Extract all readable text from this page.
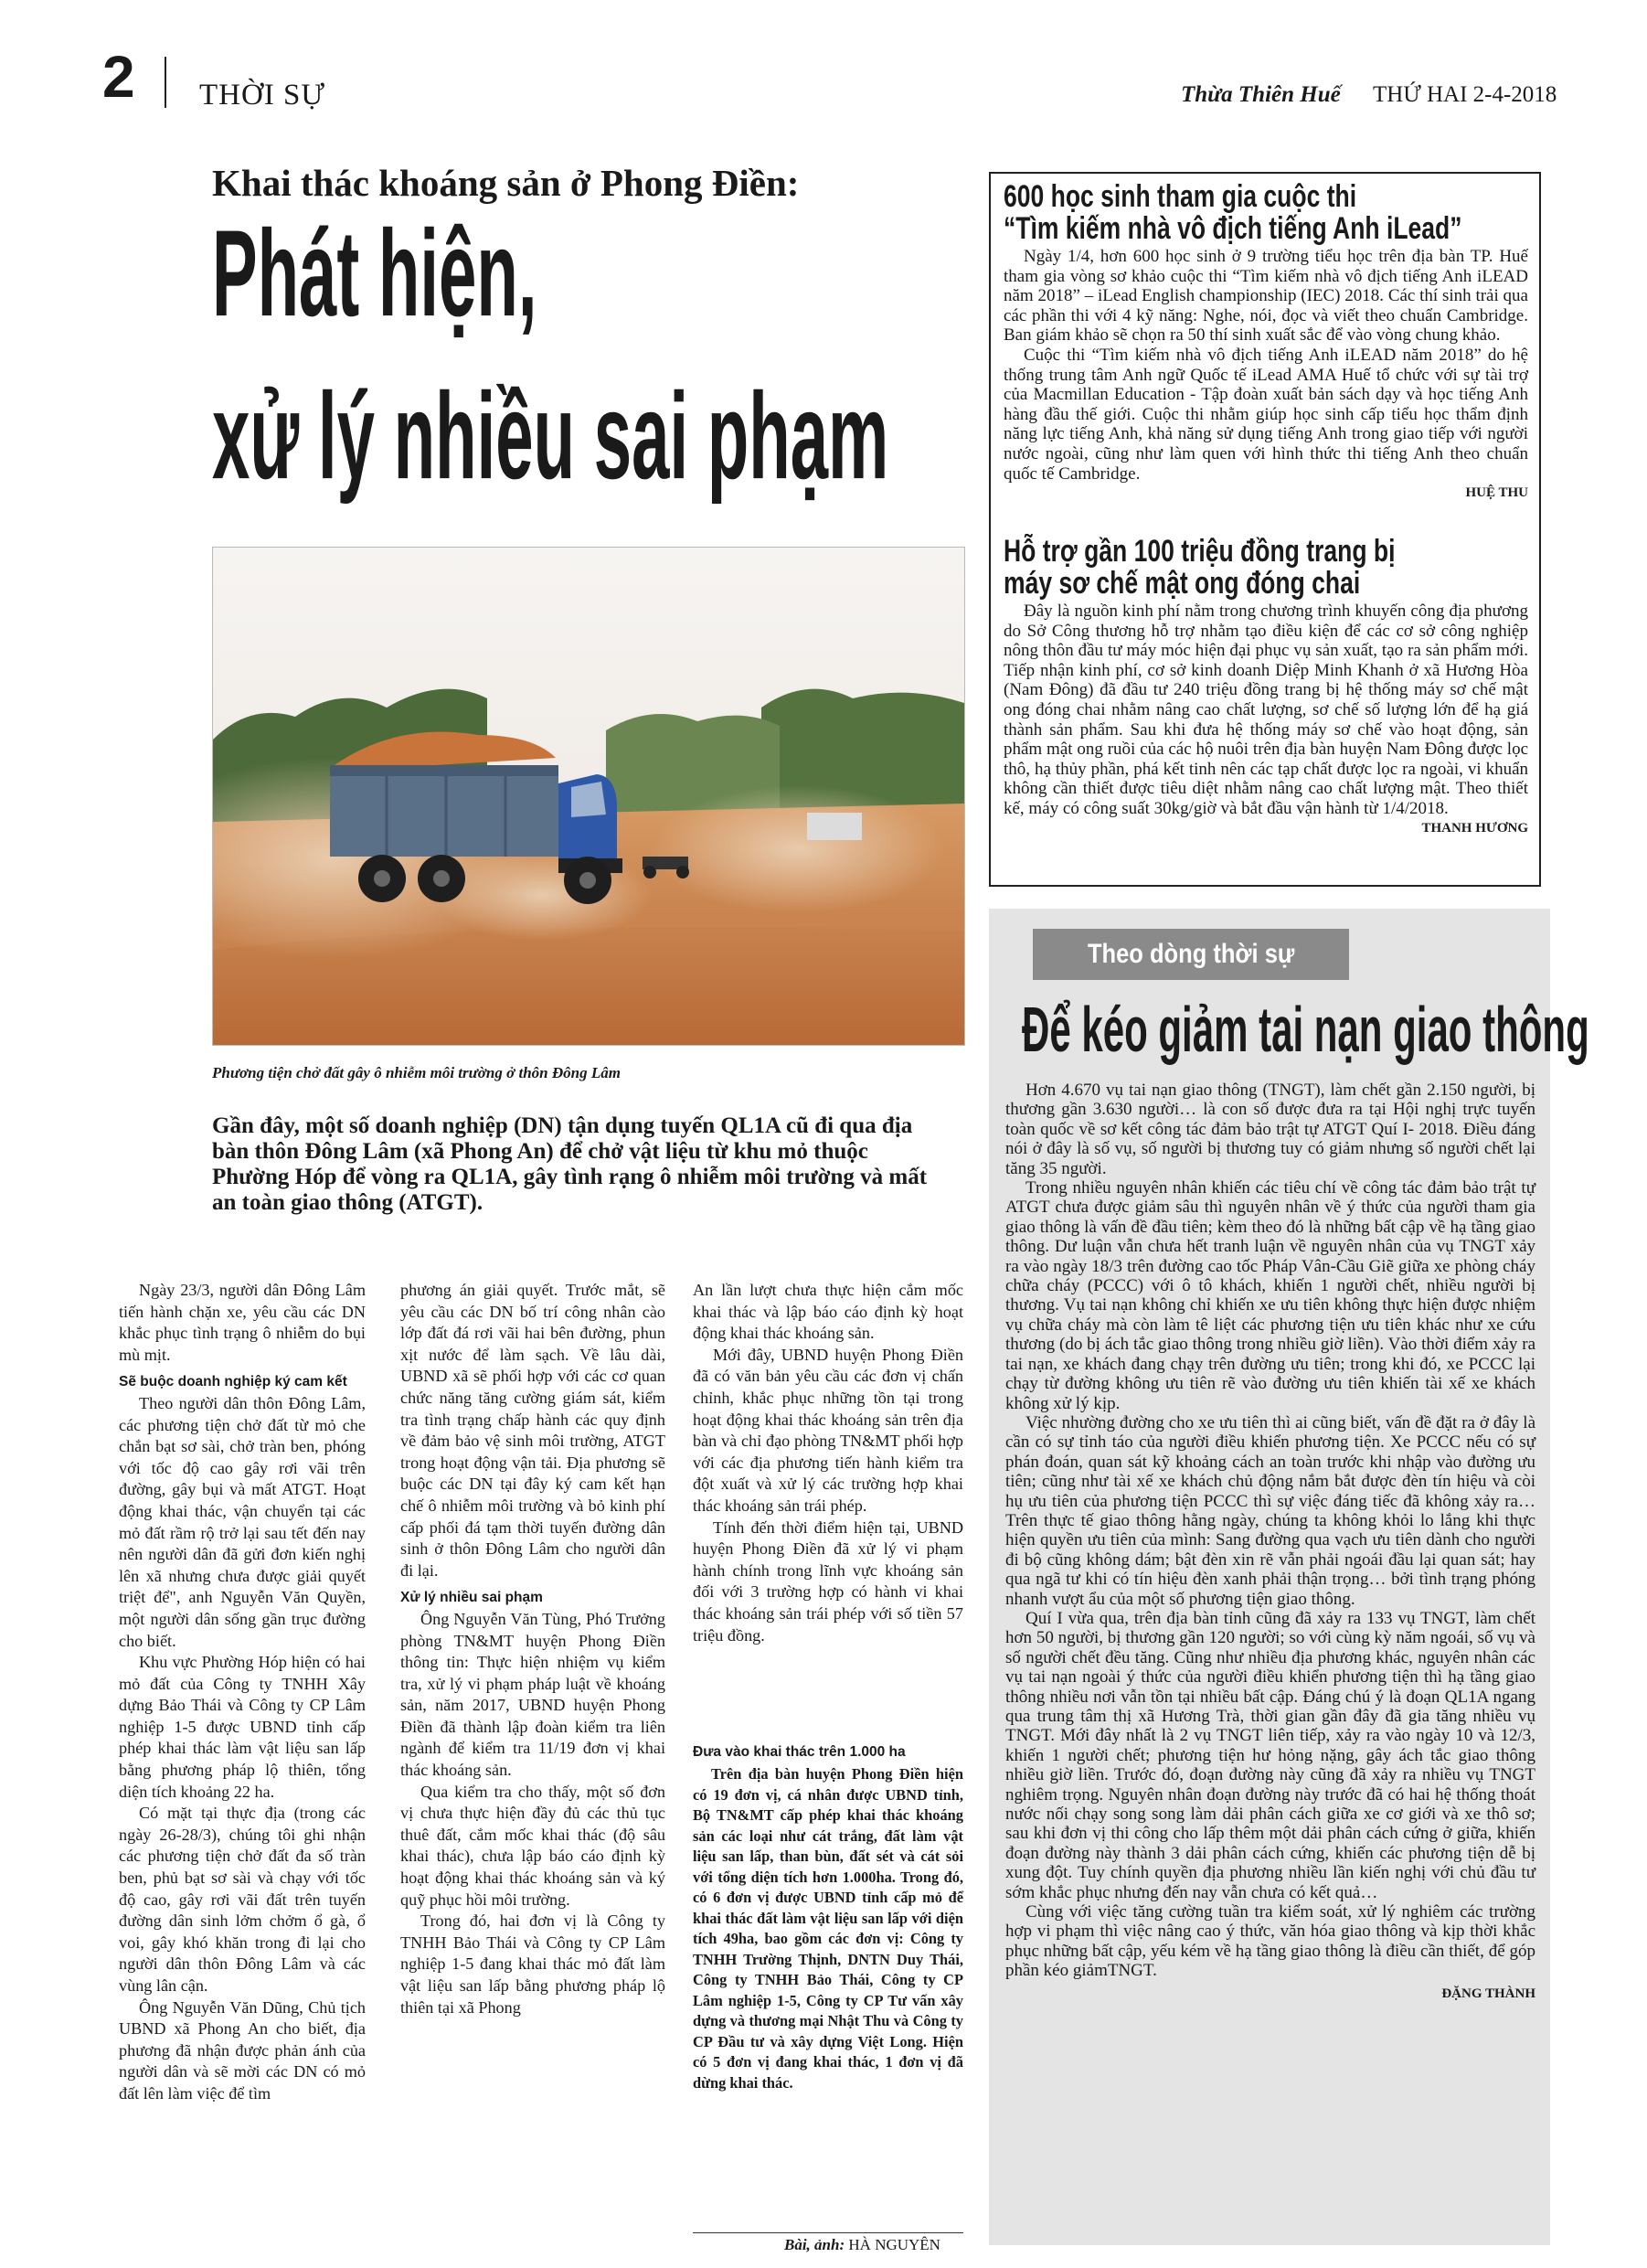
2 THỜI SỰ	Thừa Thiên Huế THỨ HAI 2-4-2018
Khai thác khoáng sản ở Phong Điền:
Phát hiện,
xử lý nhiều sai phạm
Phương tiện chở đất gây ô nhiễm môi trường ở thôn Đông Lâm
Gần đây, một số doanh nghiệp (DN) tận dụng tuyến QL1A cũ đi qua địa bàn thôn Đông Lâm (xã Phong An) để chở vật liệu từ khu mỏ thuộc Phường Hóp để vòng ra QL1A, gây tình rạng ô nhiễm môi trường và mất an toàn giao thông (ATGT).

Ngày 23/3, người dân Đông Lâm tiến hành chặn xe, yêu cầu các DN khắc phục tình trạng ô nhiễm do bụi mù mịt.

Sẽ buộc doanh nghiệp ký cam kết

Theo người dân thôn Đông Lâm, các phương tiện chở đất từ mỏ che chắn bạt sơ sài, chở tràn ben, phóng với tốc độ cao gây rơi vãi trên đường, gây bụi và mất ATGT. Hoạt động khai thác, vận chuyển tại các mỏ đất rầm rộ trở lại sau tết đến nay nên người dân đã gửi đơn kiến nghị lên xã nhưng chưa được giải quyết triệt để", anh Nguyễn Văn Quyền, một người dân sống gần trục đường cho biết.

Khu vực Phường Hóp hiện có hai mỏ đất của Công ty TNHH Xây dựng Bảo Thái và Công ty CP Lâm nghiệp 1-5 được UBND tỉnh cấp phép khai thác làm vật liệu san lấp bằng phương pháp lộ thiên, tổng diện tích khoảng 22 ha.

Có mặt tại thực địa (trong các ngày 26-28/3), chúng tôi ghi nhận các phương tiện chở đất đa số tràn ben, phủ bạt sơ sài và chạy với tốc độ cao, gây rơi vãi đất trên tuyến đường dân sinh lởm chởm ổ gà, ổ voi, gây khó khăn trong đi lại cho người dân thôn Đông Lâm và các vùng lân cận.

Ông Nguyễn Văn Dũng, Chủ tịch UBND xã Phong An cho biết, địa phương đã nhận được phản ánh của người dân và sẽ mời các DN có mỏ đất lên làm việc để tìm

phương án giải quyết. Trước mắt, sẽ yêu cầu các DN bố trí công nhân cào lớp đất đá rơi vãi hai bên đường, phun xịt nước để làm sạch. Về lâu dài, UBND xã sẽ phối hợp với các cơ quan chức năng tăng cường giám sát, kiểm tra tình trạng chấp hành các quy định về đảm bảo vệ sinh môi trường, ATGT trong hoạt động vận tải. Địa phương sẽ buộc các DN tại đây ký cam kết hạn chế ô nhiễm môi trường và bỏ kinh phí cấp phối đá tạm thời tuyến đường dân sinh ở thôn Đông Lâm cho người dân đi lại.

Xử lý nhiều sai phạm

Ông Nguyễn Văn Tùng, Phó Trưởng phòng TN&MT huyện Phong Điền thông tin: Thực hiện nhiệm vụ kiểm tra, xử lý vi phạm pháp luật về khoáng sản, năm 2017, UBND huyện Phong Điền đã thành lập đoàn kiểm tra liên ngành để kiểm tra 11/19 đơn vị khai thác khoáng sản.

Qua kiểm tra cho thấy, một số đơn vị chưa thực hiện đầy đủ các thủ tục thuê đất, cắm mốc khai thác (độ sâu khai thác), chưa lập báo cáo định kỳ hoạt động khai thác khoáng sản và ký quỹ phục hồi môi trường.

Trong đó, hai đơn vị là Công ty TNHH Bảo Thái và Công ty CP Lâm nghiệp 1-5 đang khai thác mỏ đất làm vật liệu san lấp bằng phương pháp lộ thiên tại xã Phong

An lần lượt chưa thực hiện cắm mốc khai thác và lập báo cáo định kỳ hoạt động khai thác khoáng sản.

Mới đây, UBND huyện Phong Điền đã có văn bản yêu cầu các đơn vị chấn chỉnh, khắc phục những tồn tại trong hoạt động khai thác khoáng sản trên địa bàn và chỉ đạo phòng TN&MT phối hợp với các địa phương tiến hành kiểm tra đột xuất và xử lý các trường hợp khai thác khoáng sản trái phép.

Tính đến thời điểm hiện tại, UBND huyện Phong Điền đã xử lý vi phạm hành chính trong lĩnh vực khoáng sản đối với 3 trường hợp có hành vi khai thác khoáng sản trái phép với số tiền 57 triệu đồng.

Đưa vào khai thác trên 1.000 ha
Trên địa bàn huyện Phong Điền hiện có 19 đơn vị, cá nhân được UBND tỉnh, Bộ TN&MT cấp phép khai thác khoáng sản các loại như cát trắng, đất làm vật liệu san lấp, than bùn, đất sét và cát sỏi với tổng diện tích hơn 1.000ha. Trong đó, có 6 đơn vị được UBND tỉnh cấp mỏ để khai thác đất làm vật liệu san lấp với diện tích 49ha, bao gồm các đơn vị: Công ty TNHH Trường Thịnh, DNTN Duy Thái, Công ty TNHH Bảo Thái, Công ty CP Lâm nghiệp 1-5, Công ty CP Tư vấn xây dựng và thương mại Nhật Thu và Công ty CP Đầu tư và xây dựng Việt Long. Hiện có 5 đơn vị đang khai thác, 1 đơn vị đã dừng khai thác.
Bài, ảnh: HÀ NGUYÊN
600 học sinh tham gia cuộc thi
“Tìm kiếm nhà vô địch tiếng Anh iLead”

Ngày 1/4, hơn 600 học sinh ở 9 trường tiểu học trên địa bàn TP. Huế tham gia vòng sơ khảo cuộc thi “Tìm kiếm nhà vô địch tiếng Anh iLEAD năm 2018” – iLead English championship (IEC) 2018. Các thí sinh trải qua các phần thi với 4 kỹ năng: Nghe, nói, đọc và viết theo chuẩn Cambridge. Ban giám khảo sẽ chọn ra 50 thí sinh xuất sắc để vào vòng chung khảo.

Cuộc thi “Tìm kiếm nhà vô địch tiếng Anh iLEAD năm 2018” do hệ thống trung tâm Anh ngữ Quốc tế iLead AMA Huế tổ chức với sự tài trợ của Macmillan Education - Tập đoàn xuất bản sách dạy và học tiếng Anh hàng đầu thế giới. Cuộc thi nhằm giúp học sinh cấp tiểu học thẩm định năng lực tiếng Anh, khả năng sử dụng tiếng Anh trong giao tiếp với người nước ngoài, cũng như làm quen với hình thức thi tiếng Anh theo chuẩn quốc tế Cambridge.

HUỆ THU
Hỗ trợ gần 100 triệu đồng trang bị
máy sơ chế mật ong đóng chai

Đây là nguồn kinh phí nằm trong chương trình khuyến công địa phương do Sở Công thương hỗ trợ nhằm tạo điều kiện để các cơ sở công nghiệp nông thôn đầu tư máy móc hiện đại phục vụ sản xuất, tạo ra sản phẩm mới. Tiếp nhận kinh phí, cơ sở kinh doanh Diệp Minh Khanh ở xã Hương Hòa (Nam Đông) đã đầu tư 240 triệu đồng trang bị hệ thống máy sơ chế mật ong đóng chai nhằm nâng cao chất lượng, sơ chế số lượng lớn để hạ giá thành sản phẩm. Sau khi đưa hệ thống máy sơ chế vào hoạt động, sản phẩm mật ong ruồi của các hộ nuôi trên địa bàn huyện Nam Đông được lọc thô, hạ thủy phần, phá kết tinh nên các tạp chất được lọc ra ngoài, vi khuẩn không cần thiết được tiêu diệt nhằm nâng cao chất lượng mật. Theo thiết kế, máy có công suất 30kg/giờ và bắt đầu vận hành từ 1/4/2018.

THANH HƯƠNG
Theo dòng thời sự
Để kéo giảm tai nạn giao thông

Hơn 4.670 vụ tai nạn giao thông (TNGT), làm chết gần 2.150 người, bị thương gần 3.630 người… là con số được đưa ra tại Hội nghị trực tuyến toàn quốc về sơ kết công tác đảm bảo trật tự ATGT Quí I- 2018. Điều đáng nói ở đây là số vụ, số người bị thương tuy có giảm nhưng số người chết lại tăng 35 người.

Trong nhiều nguyên nhân khiến các tiêu chí về công tác đảm bảo trật tự ATGT chưa được giảm sâu thì nguyên nhân về ý thức của người tham gia giao thông là vấn đề đầu tiên; kèm theo đó là những bất cập về hạ tầng giao thông. Dư luận vẫn chưa hết tranh luận về nguyên nhân của vụ TNGT xảy ra vào ngày 18/3 trên đường cao tốc Pháp Vân-Cầu Giẽ giữa xe phòng cháy chữa cháy (PCCC) với ô tô khách, khiến 1 người chết, nhiều người bị thương. Vụ tai nạn không chỉ khiến xe ưu tiên không thực hiện được nhiệm vụ chữa cháy mà còn làm tê liệt các phương tiện ưu tiên khác như xe cứu thương (do bị ách tắc giao thông trong nhiều giờ liền). Vào thời điểm xảy ra tai nạn, xe khách đang chạy trên đường ưu tiên; trong khi đó, xe PCCC lại chạy từ đường không ưu tiên rẽ vào đường ưu tiên khiến tài xế xe khách không xử lý kịp.

Việc nhường đường cho xe ưu tiên thì ai cũng biết, vấn đề đặt ra ở đây là cần có sự tỉnh táo của người điều khiển phương tiện. Xe PCCC nếu có sự phán đoán, quan sát kỹ khoảng cách an toàn trước khi nhập vào đường ưu tiên; cũng như tài xế xe khách chủ động nắm bắt được đèn tín hiệu và còi hụ ưu tiên của phương tiện PCCC thì sự việc đáng tiếc đã không xảy ra… Trên thực tế giao thông hằng ngày, chúng ta không khỏi lo lắng khi thực hiện quyền ưu tiên của mình: Sang đường qua vạch ưu tiên dành cho người đi bộ cũng không dám; bật đèn xin rẽ vẫn phải ngoái đầu lại quan sát; hay qua ngã tư khi có tín hiệu đèn xanh phải thận trọng… bởi tình trạng phóng nhanh vượt ẩu của một số phương tiện giao thông.

Quí I vừa qua, trên địa bàn tỉnh cũng đã xảy ra 133 vụ TNGT, làm chết hơn 50 người, bị thương gần 120 người; so với cùng kỳ năm ngoái, số vụ và số người chết đều tăng. Cũng như nhiều địa phương khác, nguyên nhân các vụ tai nạn ngoài ý thức của người điều khiển phương tiện thì hạ tầng giao thông nhiều nơi vẫn tồn tại nhiều bất cập. Đáng chú ý là đoạn QL1A ngang qua trung tâm thị xã Hương Trà, thời gian gần đây đã gia tăng nhiều vụ TNGT. Mới đây nhất là 2 vụ TNGT liên tiếp, xảy ra vào ngày 10 và 12/3, khiến 1 người chết; phương tiện hư hỏng nặng, gây ách tắc giao thông nhiều giờ liền. Trước đó, đoạn đường này cũng đã xảy ra nhiều vụ TNGT nghiêm trọng. Nguyên nhân đoạn đường này trước đã có hai hệ thống thoát nước nối chạy song song làm dải phân cách giữa xe cơ giới và xe thô sơ; sau khi đơn vị thi công cho lấp thêm một dải phân cách cứng ở giữa, khiến đoạn đường này thành 3 dải phân cách cứng, khiến các phương tiện dễ bị xung đột. Tuy chính quyền địa phương nhiều lần kiến nghị với chủ đầu tư sớm khắc phục nhưng đến nay vẫn chưa có kết quả…

Cùng với việc tăng cường tuần tra kiểm soát, xử lý nghiêm các trường hợp vi phạm thì việc nâng cao ý thức, văn hóa giao thông và kịp thời khắc phục những bất cập, yếu kém về hạ tầng giao thông là điều cần thiết, để góp phần kéo giảmTNGT.

ĐẶNG THÀNH
